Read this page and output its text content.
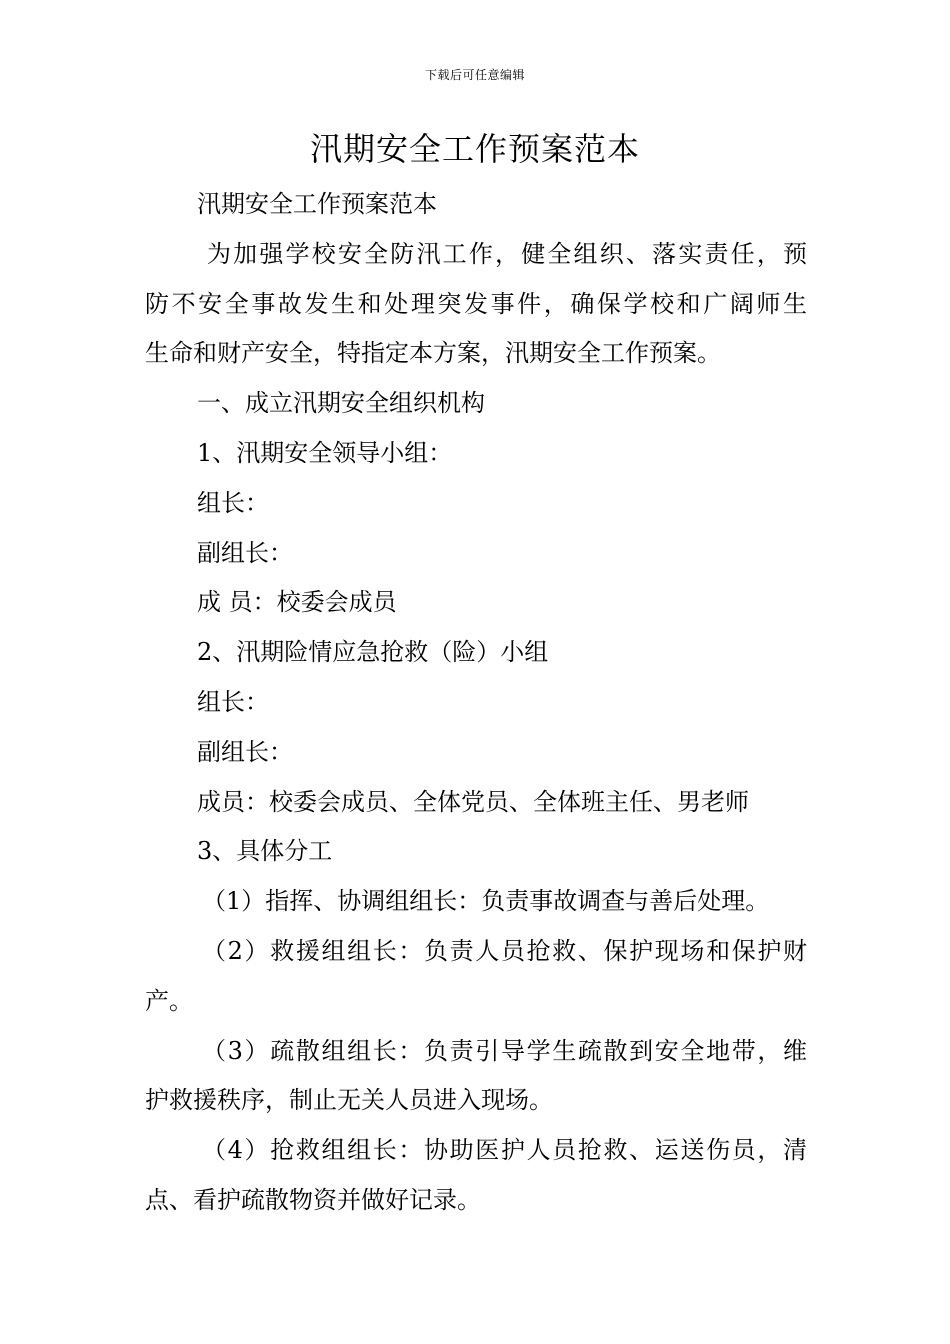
下载后可任意编辑
汛期安全工作预案范本

汛期安全工作预案范本

为加强学校安全防汛工作，健全组织、落实责任，预

防不安全事故发生和处理突发事件，确保学校和广阔师生

生命和财产安全，特指定本方案，汛期安全工作预案。

一、成立汛期安全组织机构

1、汛期安全领导小组：

组长：

副组长：

成 员：校委会成员

2、汛期险情应急抢救（险）小组

组长：

副组长：

成员：校委会成员、全体党员、全体班主任、男老师

3、具体分工

（1）指挥、协调组组长：负责事故调查与善后处理。

（2）救援组组长：负责人员抢救、保护现场和保护财

产。

（3）疏散组组长：负责引导学生疏散到安全地带，维

护救援秩序，制止无关人员进入现场。

（4）抢救组组长：协助医护人员抢救、运送伤员，清

点、看护疏散物资并做好记录。
